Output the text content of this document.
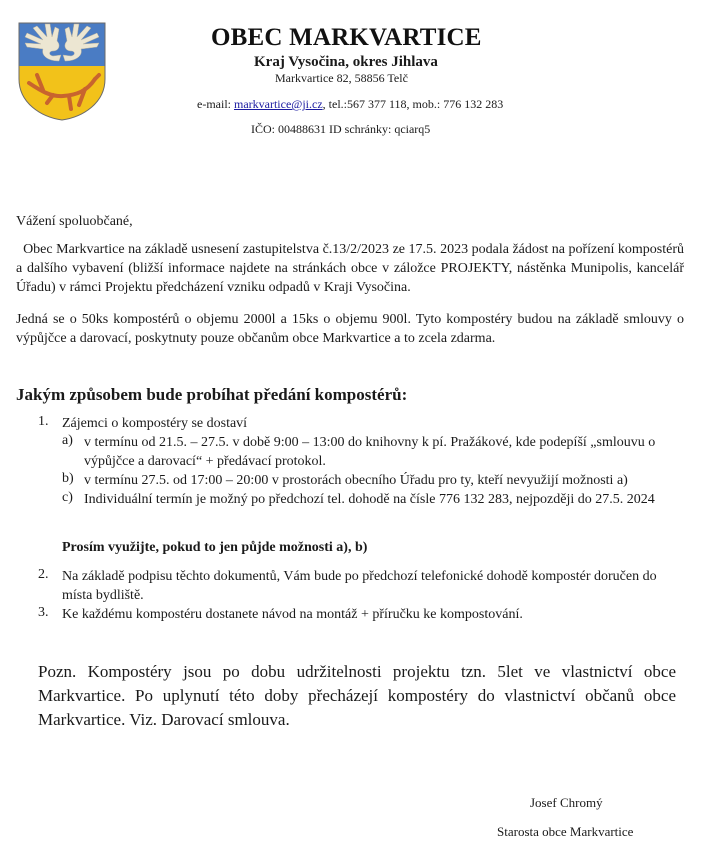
OBEC MARKVARTICE
Kraj Vysočina, okres Jihlava
Markvartice 82, 58856 Telč
e-mail: markvartice@ji.cz, tel.:567 377 118, mob.: 776 132 283
IČO: 00488631 ID schránky: qciarq5
Vážení spoluobčané,
Obec Markvartice na základě usnesení zastupitelstva č.13/2/2023 ze 17.5. 2023 podala žádost na pořízení kompostérů a dalšího vybavení (bližší informace najdete na stránkách obce v záložce PROJEKTY, nástěnka Munipolis, kancelář Úřadu) v rámci Projektu předcházení vzniku odpadů v Kraji Vysočina.
Jedná se o 50ks kompostérů o objemu 2000l a 15ks o objemu 900l. Tyto kompostéry budou na základě smlouvy o výpůjčce a darovací, poskytnuty pouze občanům obce Markvartice a to zcela zdarma.
Jakým způsobem bude probíhat předání kompostérů:
1. Zájemci o kompostéry se dostaví
a) v termínu od 21.5. – 27.5. v době 9:00 – 13:00 do knihovny k pí. Pražákové, kde podepíší „smlouvu o výpůjčce a darovací“ + předávací protokol.
b) v termínu 27.5. od 17:00 – 20:00 v prostorách obecního Úřadu pro ty, kteří nevyužijí možnosti a)
c) Individuální termín je možný po předchozí tel. dohodě na čísle 776 132 283, nejpozději do 27.5. 2024
Prosím využijte, pokud to jen půjde možnosti a), b)
2. Na základě podpisu těchto dokumentů, Vám bude po předchozí telefonické dohodě kompostér doručen do místa bydliště.
3. Ke každému kompostéru dostanete návod na montáž + příručku ke kompostování.
Pozn. Kompostéry jsou po dobu udržitelnosti projektu tzn. 5let ve vlastnictví obce Markvartice. Po uplynutí této doby přecházejí kompostéry do vlastnictví občanů obce Markvartice. Viz. Darovací smlouva.
Josef Chromý
Starosta obce Markvartice
